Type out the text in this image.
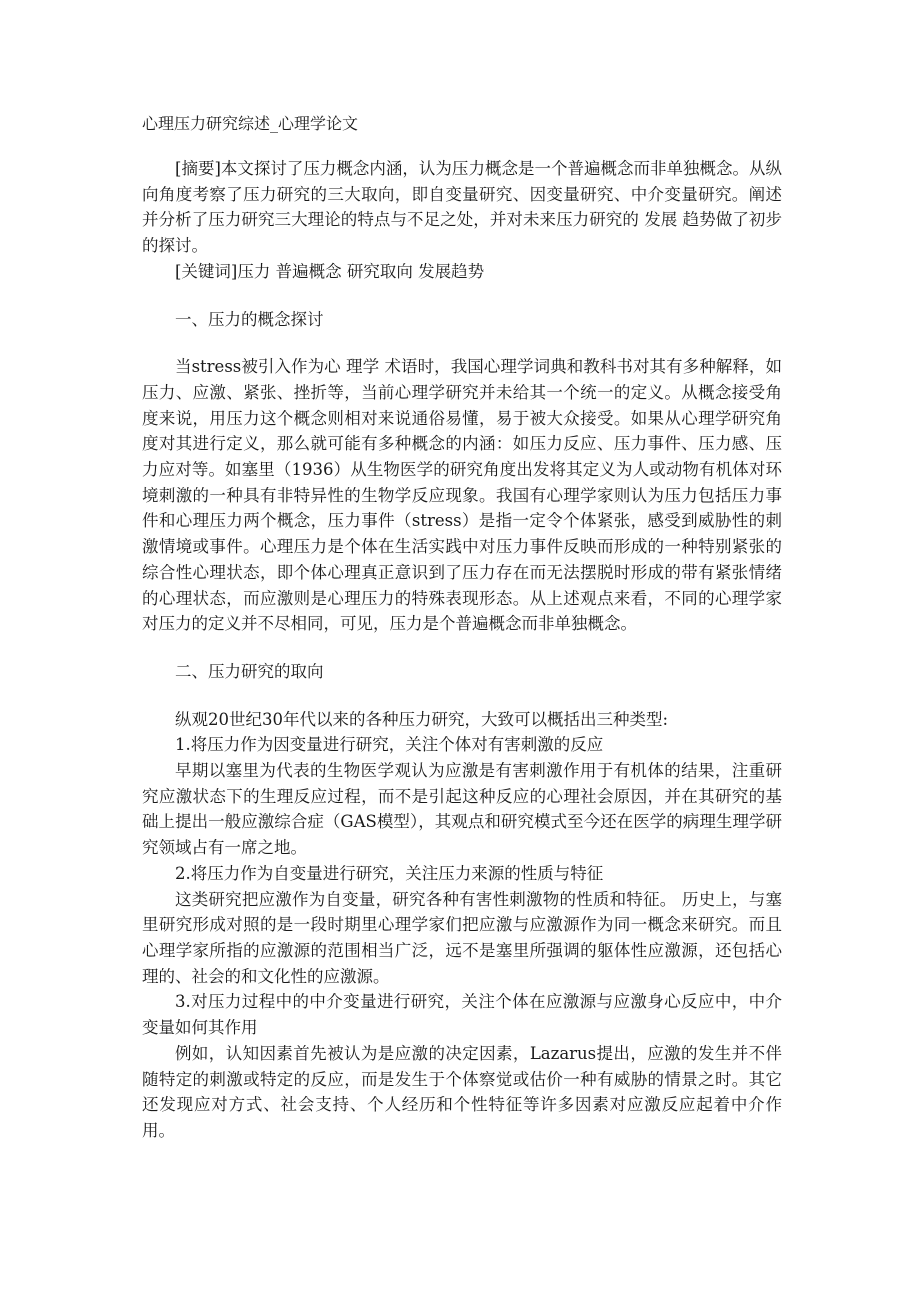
心理压力研究综述_心理学论文

[摘要]本文探讨了压力概念内涵，认为压力概念是一个普遍概念而非单独概念。从纵向角度考察了压力研究的三大取向，即自变量研究、因变量研究、中介变量研究。阐述并分析了压力研究三大理论的特点与不足之处，并对未来压力研究的 发展 趋势做了初步的探讨。

[关键词]压力 普遍概念 研究取向 发展趋势

一、压力的概念探讨

当stress被引入作为心 理学 术语时，我国心理学词典和教科书对其有多种解释，如压力、应激、紧张、挫折等，当前心理学研究并未给其一个统一的定义。从概念接受角度来说，用压力这个概念则相对来说通俗易懂，易于被大众接受。如果从心理学研究角度对其进行定义，那么就可能有多种概念的内涵：如压力反应、压力事件、压力感、压力应对等。如塞里（1936）从生物医学的研究角度出发将其定义为人或动物有机体对环境刺激的一种具有非特异性的生物学反应现象。我国有心理学家则认为压力包括压力事件和心理压力两个概念，压力事件（stress）是指一定令个体紧张，感受到威胁性的刺激情境或事件。心理压力是个体在生活实践中对压力事件反映而形成的一种特别紧张的综合性心理状态，即个体心理真正意识到了压力存在而无法摆脱时形成的带有紧张情绪的心理状态，而应激则是心理压力的特殊表现形态。从上述观点来看，不同的心理学家对压力的定义并不尽相同，可见，压力是个普遍概念而非单独概念。

二、压力研究的取向

纵观20世纪30年代以来的各种压力研究，大致可以概括出三种类型:

1.将压力作为因变量进行研究，关注个体对有害刺激的反应

早期以塞里为代表的生物医学观认为应激是有害刺激作用于有机体的结果，注重研究应激状态下的生理反应过程，而不是引起这种反应的心理社会原因，并在其研究的基础上提出一般应激综合症（GAS模型），其观点和研究模式至今还在医学的病理生理学研究领域占有一席之地。

2.将压力作为自变量进行研究，关注压力来源的性质与特征

这类研究把应激作为自变量，研究各种有害性刺激物的性质和特征。 历史上，与塞里研究形成对照的是一段时期里心理学家们把应激与应激源作为同一概念来研究。而且心理学家所指的应激源的范围相当广泛，远不是塞里所强调的躯体性应激源，还包括心理的、社会的和文化性的应激源。

3.对压力过程中的中介变量进行研究，关注个体在应激源与应激身心反应中，中介变量如何其作用

例如，认知因素首先被认为是应激的决定因素，Lazarus提出，应激的发生并不伴随特定的刺激或特定的反应，而是发生于个体察觉或估价一种有威胁的情景之时。其它还发现应对方式、社会支持、个人经历和个性特征等许多因素对应激反应起着中介作用。
